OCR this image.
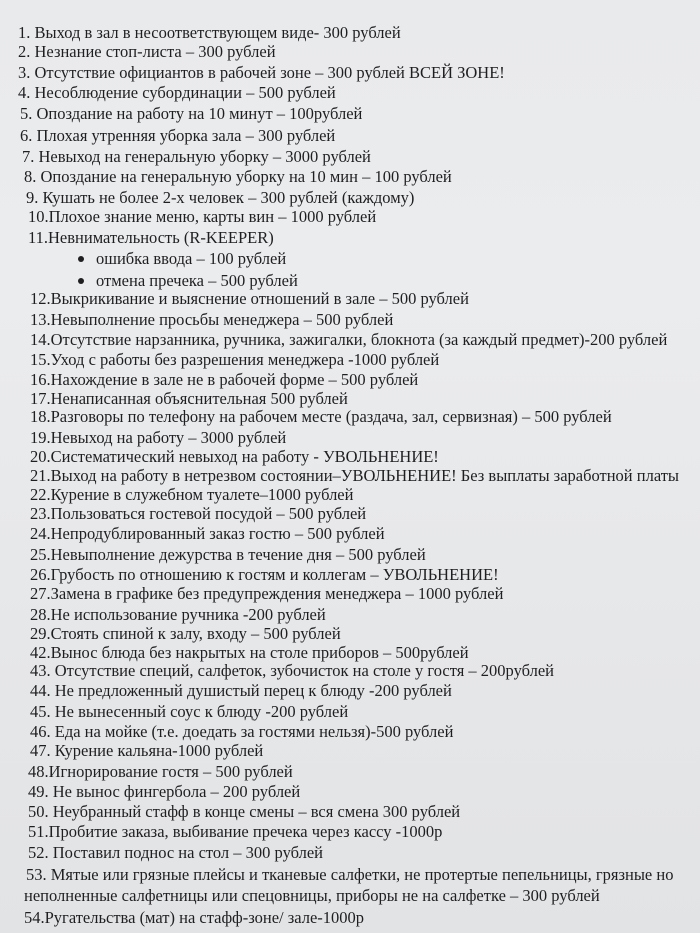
1. Выход в зал в несоответствующем виде- 300 рублей
2. Незнание стоп-листа – 300 рублей
3. Отсутствие официантов в рабочей зоне – 300 рублей ВСЕЙ ЗОНЕ!
4. Несоблюдение субординации – 500 рублей
5. Опоздание на работу на 10 минут – 100рублей
6. Плохая утренняя уборка зала – 300 рублей
7. Невыход на генеральную уборку – 3000 рублей
8. Опоздание на генеральную уборку на 10 мин – 100 рублей
9. Кушать не более 2-х человек – 300 рублей (каждому)
10.Плохое знание меню, карты вин – 1000 рублей
11.Невнимательность (R-KEEPER)
ошибка ввода – 100 рублей
отмена пречека – 500 рублей
12.Выкрикивание и выяснение отношений в зале – 500 рублей
13.Невыполнение просьбы менеджера – 500 рублей
14.Отсутствие нарзанника, ручника, зажигалки, блокнота (за каждый предмет)-200 рублей
15.Уход с работы без разрешения менеджера -1000 рублей
16.Нахождение в зале не в рабочей форме – 500 рублей
17.Ненаписанная объяснительная 500 рублей
18.Разговоры по телефону на рабочем месте (раздача, зал, сервизная) – 500 рублей
19.Невыход на работу – 3000 рублей
20.Систематический невыход на работу - УВОЛЬНЕНИЕ!
21.Выход на работу в нетрезвом состоянии–УВОЛЬНЕНИЕ! Без выплаты заработной платы
22.Курение в служебном туалете–1000 рублей
23.Пользоваться гостевой посудой – 500 рублей
24.Непродублированный заказ гостю – 500 рублей
25.Невыполнение дежурства в течение дня – 500 рублей
26.Грубость по отношению к гостям и коллегам – УВОЛЬНЕНИЕ!
27.Замена в графике без предупреждения менеджера – 1000 рублей
28.Не использование ручника -200 рублей
29.Стоять спиной к залу, входу – 500 рублей
42.Вынос блюда без накрытых на столе приборов – 500рублей
43. Отсутствие специй, салфеток, зубочисток на столе у гостя – 200рублей
44. Не предложенный душистый перец к блюду -200 рублей
45. Не вынесенный соус к блюду -200 рублей
46. Еда на мойке (т.е. доедать за гостями нельзя)-500 рублей
47. Курение кальяна-1000 рублей
48.Игнорирование гостя – 500 рублей
49. Не вынос фингербола – 200 рублей
50. Неубранный стафф в конце смены – вся смена 300 рублей
51.Пробитие заказа, выбивание пречека через кассу -1000р
52. Поставил поднос на стол – 300 рублей
53. Мятые или грязные плейсы и тканевые салфетки, не протертые пепельницы, грязные но
неполненные салфетницы или спецовницы, приборы не на салфетке – 300 рублей
54.Ругательства (мат) на стафф-зоне/ зале-1000р
